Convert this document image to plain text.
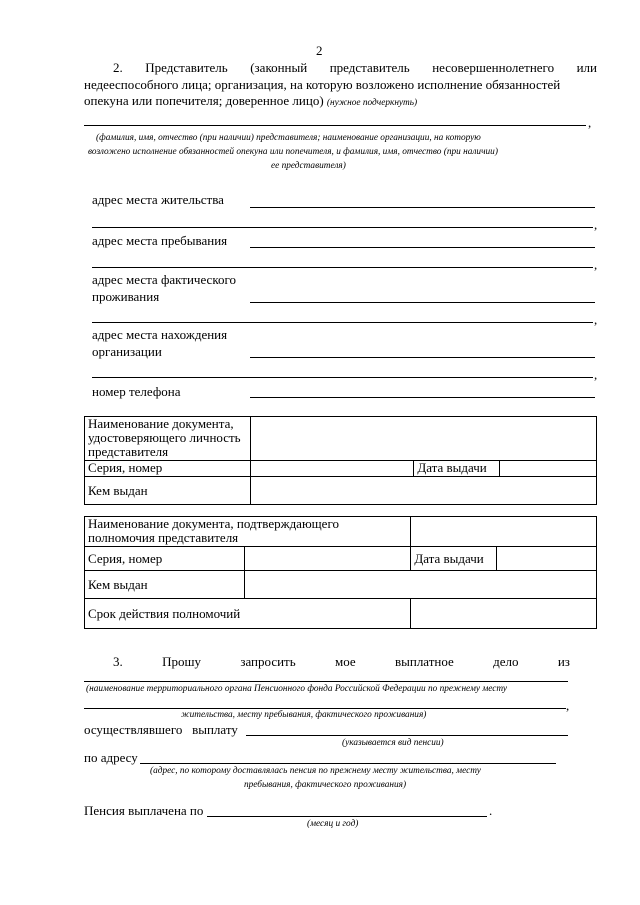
2
2. Представитель (законный представитель несовершеннолетнего или
недееспособного лица; организация, на которую возложено исполнение обязанностей
опекуна или попечителя; доверенное лицо) (нужное подчеркнуть)
,
(фамилия, имя, отчество (при наличии) представителя; наименование организации, на которую
возложено исполнение обязанностей опекуна или попечителя, и фамилия, имя, отчество (при наличии)
ее представителя)
адрес места жительства
,
адрес места пребывания
,
адрес места фактического
проживания
,
адрес места нахождения
организации
,
номер телефона
Наименование документа,
удостоверяющего личность
представителя			

Серия, номер		Дата выдачи	
Кем выдан			
Наименование документа, подтверждающего
полномочия представителя			

Серия, номер		Дата выдачи	
Кем выдан			
Срок действия полномочий			
3.	Прошу	запросить	мое	выплатное	дело	из
(наименование территориального органа Пенсионного фонда Российской Федерации по прежнему месту
,
жительства, месту пребывания, фактического проживания)
осуществлявшего   выплату
(указывается вид пенсии)
по адресу
(адрес, по которому доставлялась пенсия по прежнему месту жительства, месту
пребывания, фактического проживания)
Пенсия выплачена по	.
(месяц и год)
